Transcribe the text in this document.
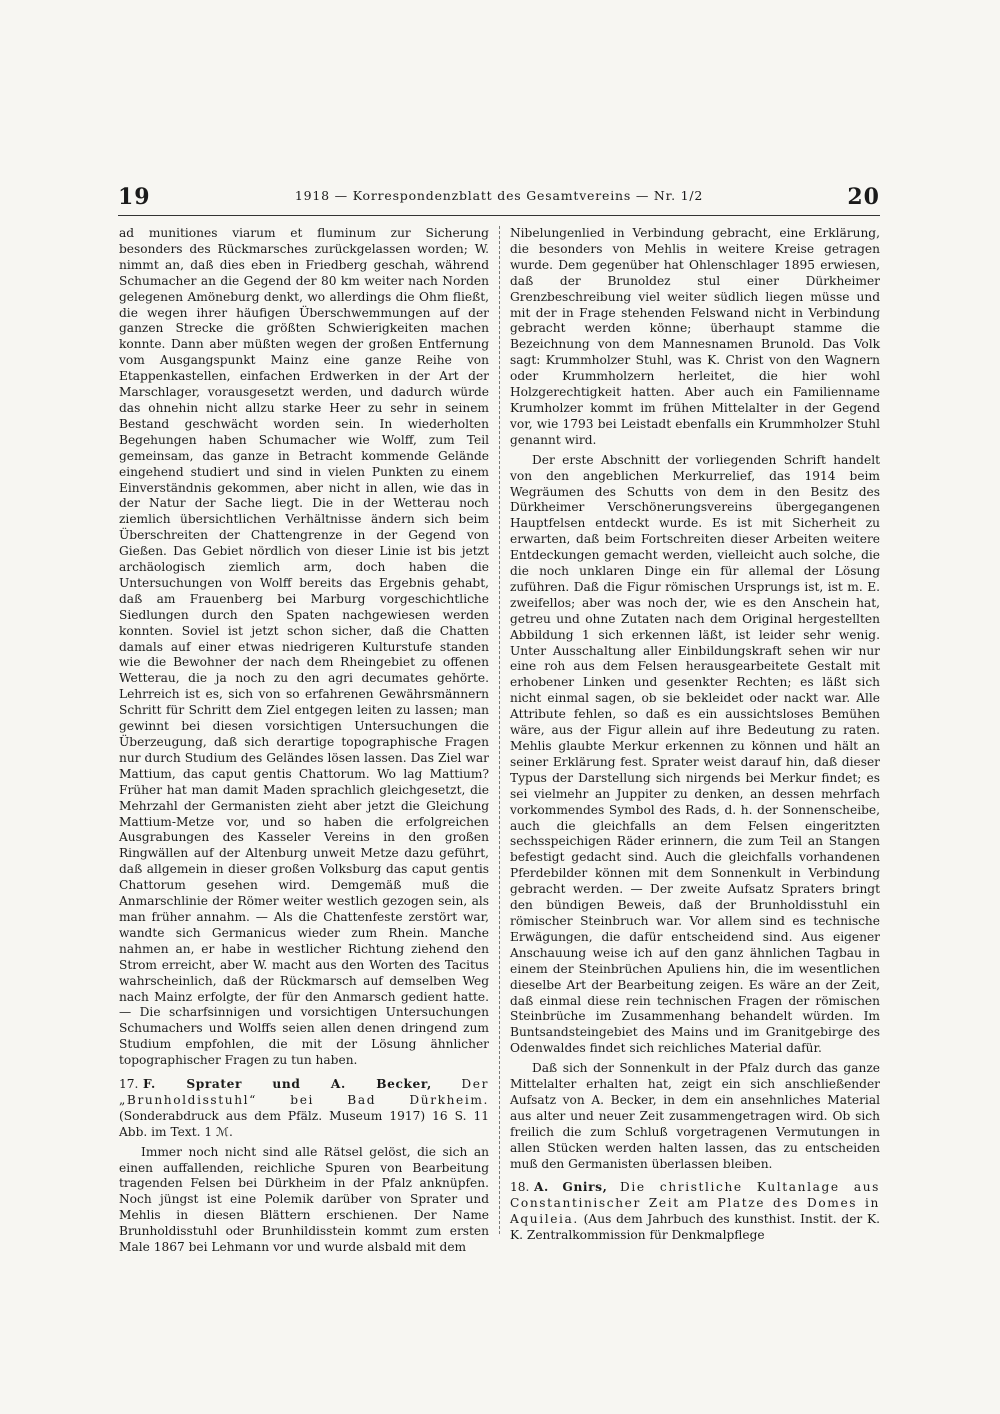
19	1918 — Korrespondenzblatt des Gesamtvereins — Nr. 1/2	20

ad munitiones viarum et fluminum zur Sicherung besonders des Rückmarsches zurückgelassen worden; W. nimmt an, daß dies eben in Friedberg geschah, während Schumacher an die Gegend der 80 km weiter nach Norden gelegenen Amöneburg denkt, wo allerdings die Ohm fließt, die wegen ihrer häufigen Überschwemmungen auf der ganzen Strecke die größten Schwierigkeiten machen konnte. Dann aber müßten wegen der großen Entfernung vom Ausgangspunkt Mainz eine ganze Reihe von Etappenkastellen, einfachen Erdwerken in der Art der Marschlager, vorausgesetzt werden, und dadurch würde das ohnehin nicht allzu starke Heer zu sehr in seinem Bestand geschwächt worden sein. In wiederholten Begehungen haben Schumacher wie Wolff, zum Teil gemeinsam, das ganze in Betracht kommende Gelände eingehend studiert und sind in vielen Punkten zu einem Einverständnis gekommen, aber nicht in allen, wie das in der Natur der Sache liegt. Die in der Wetterau noch ziemlich übersichtlichen Verhältnisse ändern sich beim Überschreiten der Chattengrenze in der Gegend von Gießen. Das Gebiet nördlich von dieser Linie ist bis jetzt archäologisch ziemlich arm, doch haben die Untersuchungen von Wolff bereits das Ergebnis gehabt, daß am Frauenberg bei Marburg vorgeschichtliche Siedlungen durch den Spaten nachgewiesen werden konnten. Soviel ist jetzt schon sicher, daß die Chatten damals auf einer etwas niedrigeren Kulturstufe standen wie die Bewohner der nach dem Rheingebiet zu offenen Wetterau, die ja noch zu den agri decumates gehörte. Lehrreich ist es, sich von so erfahrenen Gewährsmännern Schritt für Schritt dem Ziel entgegen leiten zu lassen; man gewinnt bei diesen vorsichtigen Untersuchungen die Überzeugung, daß sich derartige topographische Fragen nur durch Studium des Geländes lösen lassen. Das Ziel war Mattium, das caput gentis Chattorum. Wo lag Mattium? Früher hat man damit Maden sprachlich gleichgesetzt, die Mehrzahl der Germanisten zieht aber jetzt die Gleichung Mattium-Metze vor, und so haben die erfolgreichen Ausgrabungen des Kasseler Vereins in den großen Ringwällen auf der Altenburg unweit Metze dazu geführt, daß allgemein in dieser großen Volksburg das caput gentis Chattorum gesehen wird. Demgemäß muß die Anmarschlinie der Römer weiter westlich gezogen sein, als man früher annahm. — Als die Chattenfeste zerstört war, wandte sich Germanicus wieder zum Rhein. Manche nahmen an, er habe in westlicher Richtung ziehend den Strom erreicht, aber W. macht aus den Worten des Tacitus wahrscheinlich, daß der Rückmarsch auf demselben Weg nach Mainz erfolgte, der für den Anmarsch gedient hatte. — Die scharfsinnigen und vorsichtigen Untersuchungen Schumachers und Wolffs seien allen denen dringend zum Studium empfohlen, die mit der Lösung ähnlicher topographischer Fragen zu tun haben.

17. F. Sprater und A. Becker, Der „Brunholdisstuhl“ bei Bad Dürkheim. (Sonderabdruck aus dem Pfälz. Museum 1917) 16 S. 11 Abb. im Text. 1 ℳ.

Immer noch nicht sind alle Rätsel gelöst, die sich an einen auffallenden, reichliche Spuren von Bearbeitung tragenden Felsen bei Dürkheim in der Pfalz anknüpfen. Noch jüngst ist eine Polemik darüber von Sprater und Mehlis in diesen Blättern erschienen. Der Name Brunholdisstuhl oder Brunhildisstein kommt zum ersten Male 1867 bei Lehmann vor und wurde alsbald mit dem

Nibelungenlied in Verbindung gebracht, eine Erklärung, die besonders von Mehlis in weitere Kreise getragen wurde. Dem gegenüber hat Ohlenschlager 1895 erwiesen, daß der Brunoldez stul einer Dürkheimer Grenzbeschreibung viel weiter südlich liegen müsse und mit der in Frage stehenden Felswand nicht in Verbindung gebracht werden könne; überhaupt stamme die Bezeichnung von dem Mannesnamen Brunold. Das Volk sagt: Krummholzer Stuhl, was K. Christ von den Wagnern oder Krummholzern herleitet, die hier wohl Holzgerechtigkeit hatten. Aber auch ein Familienname Krumholzer kommt im frühen Mittelalter in der Gegend vor, wie 1793 bei Leistadt ebenfalls ein Krummholzer Stuhl genannt wird.

Der erste Abschnitt der vorliegenden Schrift handelt von den angeblichen Merkurrelief, das 1914 beim Wegräumen des Schutts von dem in den Besitz des Dürkheimer Verschönerungsvereins übergegangenen Hauptfelsen entdeckt wurde. Es ist mit Sicherheit zu erwarten, daß beim Fortschreiten dieser Arbeiten weitere Entdeckungen gemacht werden, vielleicht auch solche, die die noch unklaren Dinge ein für allemal der Lösung zuführen. Daß die Figur römischen Ursprungs ist, ist m. E. zweifellos; aber was noch der, wie es den Anschein hat, getreu und ohne Zutaten nach dem Original hergestellten Abbildung 1 sich erkennen läßt, ist leider sehr wenig. Unter Ausschaltung aller Einbildungskraft sehen wir nur eine roh aus dem Felsen herausgearbeitete Gestalt mit erhobener Linken und gesenkter Rechten; es läßt sich nicht einmal sagen, ob sie bekleidet oder nackt war. Alle Attribute fehlen, so daß es ein aussichtsloses Bemühen wäre, aus der Figur allein auf ihre Bedeutung zu raten. Mehlis glaubte Merkur erkennen zu können und hält an seiner Erklärung fest. Sprater weist darauf hin, daß dieser Typus der Darstellung sich nirgends bei Merkur findet; es sei vielmehr an Juppiter zu denken, an dessen mehrfach vorkommendes Symbol des Rads, d. h. der Sonnenscheibe, auch die gleichfalls an dem Felsen eingeritzten sechsspeichigen Räder erinnern, die zum Teil an Stangen befestigt gedacht sind. Auch die gleichfalls vorhandenen Pferdebilder können mit dem Sonnenkult in Verbindung gebracht werden. — Der zweite Aufsatz Spraters bringt den bündigen Beweis, daß der Brunholdisstuhl ein römischer Steinbruch war. Vor allem sind es technische Erwägungen, die dafür entscheidend sind. Aus eigener Anschauung weise ich auf den ganz ähnlichen Tagbau in einem der Steinbrüchen Apuliens hin, die im wesentlichen dieselbe Art der Bearbeitung zeigen. Es wäre an der Zeit, daß einmal diese rein technischen Fragen der römischen Steinbrüche im Zusammenhang behandelt würden. Im Buntsandsteingebiet des Mains und im Granitgebirge des Odenwaldes findet sich reichliches Material dafür.

Daß sich der Sonnenkult in der Pfalz durch das ganze Mittelalter erhalten hat, zeigt ein sich anschließender Aufsatz von A. Becker, in dem ein ansehnliches Material aus alter und neuer Zeit zusammengetragen wird. Ob sich freilich die zum Schluß vorgetragenen Vermutungen in allen Stücken werden halten lassen, das zu entscheiden muß den Germanisten überlassen bleiben.

18. A. Gnirs, Die christliche Kultanlage aus Constantinischer Zeit am Platze des Domes in Aquileia. (Aus dem Jahrbuch des kunsthist. Instit. der K. K. Zentralkommission für Denkmalpflege
